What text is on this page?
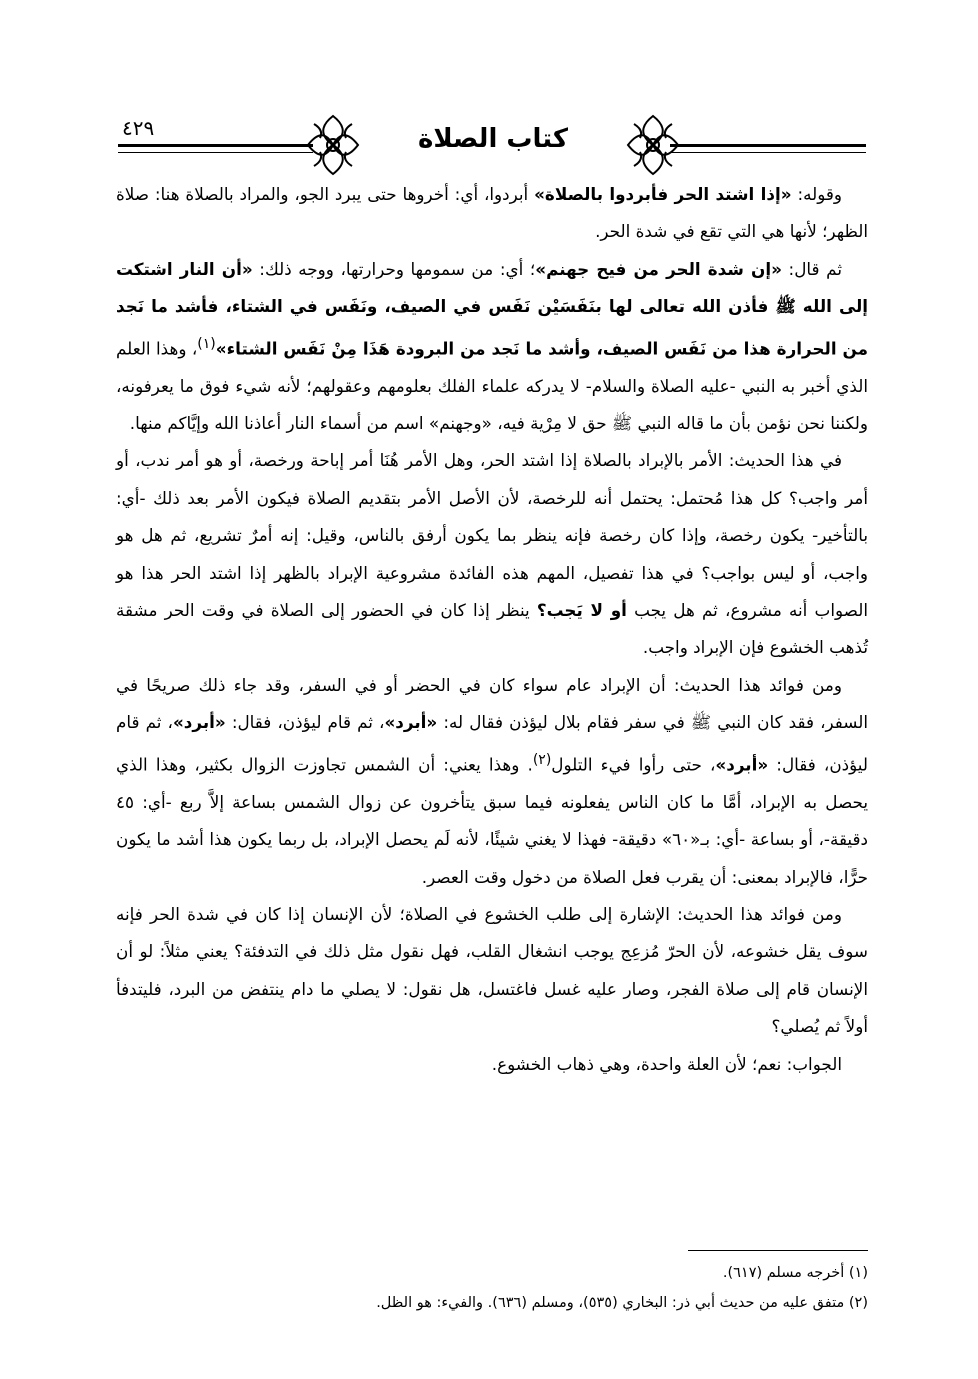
٤٢٩	كتاب الصلاة

وقوله: «إذا اشتد الحر فأبردوا بالصلاة» أبردوا، أي: أخروها حتى يبرد الجو، والمراد بالصلاة هنا: صلاة الظهر؛ لأنها هي التي تقع في شدة الحر.

ثم قال: «إن شدة الحر من فيح جهنم»؛ أي: من سمومها وحرارتها، ووجه ذلك: «أن النار اشتكت إلى الله ﷺ فأذن الله تعالى لها بنَفَسَيْن نَفَس في الصيف، ونَفَس في الشتاء، فأشد ما نَجد من الحرارة هذا من نَفَس الصيف، وأشد ما نَجد من البرودة هَذَا مِنْ نَفَس الشتاء»$^{(١)}$، وهذا العلم الذي أخبر به النبي -عليه الصلاة والسلام- لا يدركه علماء الفلك بعلومهم وعقولهم؛ لأنه شيء فوق ما يعرفونه، ولكننا نحن نؤمن بأن ما قاله النبي ﷺ حق لا مِرْية فيه، «وجهنم» اسم من أسماء النار أعاذنا الله وإيَّاكم منها.

في هذا الحديث: الأمر بالإبراد بالصلاة إذا اشتد الحر، وهل الأمر هُنَا أمر إباحة ورخصة، أو هو أمر ندب، أو أمر واجب؟ كل هذا مُحتمل: يحتمل أنه للرخصة، لأن الأصل الأمر بتقديم الصلاة فيكون الأمر بعد ذلك -أي: بالتأخير- يكون رخصة، وإذا كان رخصة فإنه ينظر بما يكون أرفق بالناس، وقيل: إنه أمرٌ تشريع، ثم هل هو واجب، أو ليس بواجب؟ في هذا تفصيل، المهم هذه الفائدة مشروعية الإبراد بالظهر إذا اشتد الحر هذا هو الصواب أنه مشروع، ثم هل يجب أو لا يَجب؟ ينظر إذا كان في الحضور إلى الصلاة في وقت الحر مشقة تُذهب الخشوع فإن الإبراد واجب.

ومن فوائد هذا الحديث: أن الإبراد عام سواء كان في الحضر أو في السفر، وقد جاء ذلك صريحًا في السفر، فقد كان النبي ﷺ في سفر فقام بلال ليؤذن فقال له: «أبرد»، ثم قام ليؤذن، فقال: «أبرد»، ثم قام ليؤذن، فقال: «أبرد»، حتى رأوا فيء التلول$^{(٢)}$. وهذا يعني: أن الشمس تجاوزت الزوال بكثير، وهذا الذي يحصل به الإبراد، أمَّا ما كان الناس يفعلونه فيما سبق يتأخرون عن زوال الشمس بساعة إلاَّ ربع -أي: ٤٥ دقيقة-، أو بساعة -أي: بـ«٦٠» دقيقة- فهذا لا يغني شيئًا، لأنه لَم يحصل الإبراد، بل ربما يكون هذا أشد ما يكون حرًّا، فالإبراد بمعنى: أن يقرب فعل الصلاة من دخول وقت العصر.

ومن فوائد هذا الحديث: الإشارة إلى طلب الخشوع في الصلاة؛ لأن الإنسان إذا كان في شدة الحر فإنه سوف يقل خشوعه، لأن الحرّ مُزعِج يوجب انشغال القلب، فهل نقول مثل ذلك في التدفئة؟ يعني مثلاً: لو أن الإنسان قام إلى صلاة الفجر، وصار عليه غسل فاغتسل، هل نقول: لا يصلي ما دام ينتفض من البرد، فليتدفأ أولاً ثم يُصلي؟

الجواب: نعم؛ لأن العلة واحدة، وهي ذهاب الخشوع.

(١) أخرجه مسلم (٦١٧).
(٢) متفق عليه من حديث أبي ذر: البخاري (٥٣٥)، ومسلم (٦٣٦). والفيء: هو الظل.
